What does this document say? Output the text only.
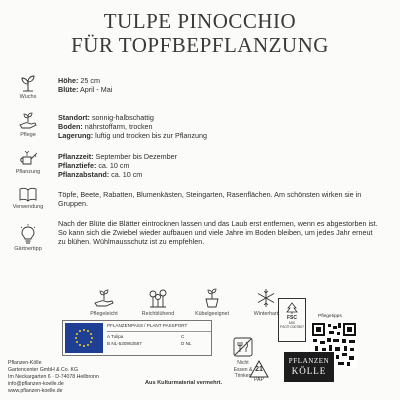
TULPE PINOCCHIO
FÜR TOPFBEPFLANZUNG
Wuchs
Höhe: 25 cm
Blüte: April - Mai
Pflege
Standort: sonnig-halbschattig
Boden: nährstoffarm, trocken
Lagerung: luftig und trocken bis zur Pflanzung
Pflanzung
Pflanzzeit: September bis Dezember
Pflanztiefe: ca. 10 cm
Pflanzabstand: ca. 10 cm
Verwendung
Töpfe, Beete, Rabatten, Blumenkästen, Steingarten, Rasenflächen. Am schönsten wirken sie in Gruppen.
Gärtnertipp
Nach der Blüte die Blätter eintrocknen lassen und das Laub erst entfernen, wenn es abgestorben ist. So kann sich die Zwiebel wieder aufbauen und viele Jahre im Boden bleiben, um jedes Jahr erneut zu blühen. Wühlmausschutz ist zu empfehlen.
Pflegeleicht	Reichblühend	Kübelgeeignet	Winterhart
FSC
MIX
FSC® C007807
Pflegetipps
PFLANZENPASS / PLANT PASSPORT
A Tulipa
B NL-530953587
C
D NL
Nicht
Essen & Trinken
21
PAP
Pflanzen-Kölle
Gartencenter GmbH & Co. KG
Im Neckargarten 6 · D-74078 Heilbronn
info@pflanzen-koelle.de
www.pflanzen-koelle.de
Aus Kulturmaterial vermehrt.
PFLANZEN
KÖLLE
